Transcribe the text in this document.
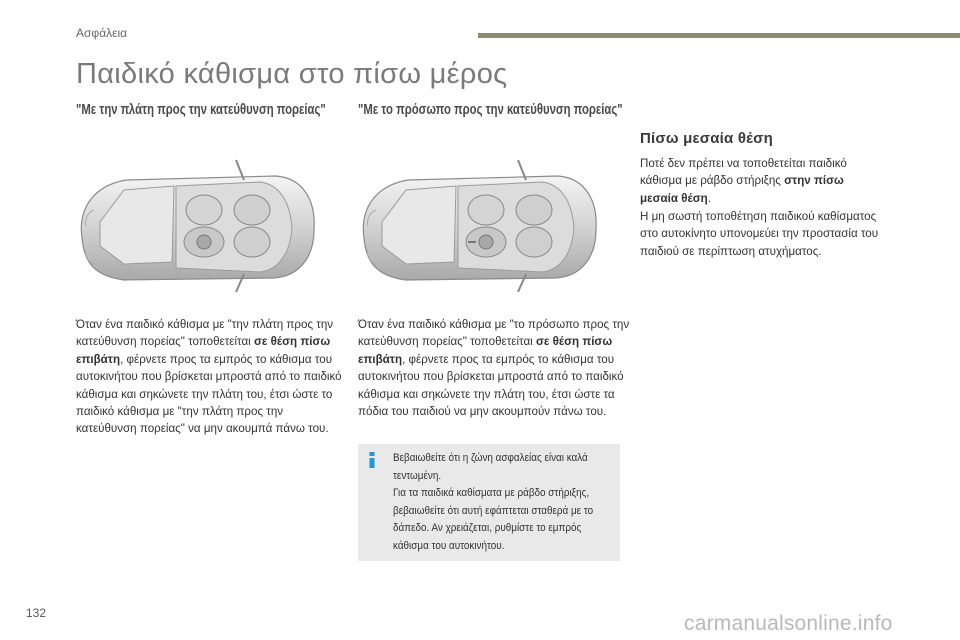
Ασφάλεια
Παιδικό κάθισμα στο πίσω μέρος
"Με την πλάτη προς την κατεύθυνση πορείας" "Με το πρόσωπο προς την κατεύθυνση πορείας"
Όταν ένα παιδικό κάθισμα με "την πλάτη προς την κατεύθυνση πορείας" τοποθετείται σε θέση πίσω επιβάτη, φέρνετε προς τα εμπρός το κάθισμα του αυτοκινήτου που βρίσκεται μπροστά από το παιδικό κάθισμα και σηκώνετε την πλάτη του, έτσι ώστε το παιδικό κάθισμα με "την πλάτη προς την κατεύθυνση πορείας" να μην ακουμπά πάνω του.
Όταν ένα παιδικό κάθισμα με "το πρόσωπο προς την κατεύθυνση πορείας" τοποθετείται σε θέση πίσω επιβάτη, φέρνετε προς τα εμπρός το κάθισμα του αυτοκινήτου που βρίσκεται μπροστά από το παιδικό κάθισμα και σηκώνετε την πλάτη του, έτσι ώστε τα πόδια του παιδιού να μην ακουμπούν πάνω του.
Βεβαιωθείτε ότι η ζώνη ασφαλείας είναι καλά τεντωμένη.
Για τα παιδικά καθίσματα με ράβδο στήριξης, βεβαιωθείτε ότι αυτή εφάπτεται σταθερά με το δάπεδο. Αν χρειάζεται, ρυθμίστε το εμπρός κάθισμα του αυτοκινήτου.
Πίσω μεσαία θέση
Ποτέ δεν πρέπει να τοποθετείται παιδικό κάθισμα με ράβδο στήριξης στην πίσω μεσαία θέση.
Η μη σωστή τοποθέτηση παιδικού καθίσματος στο αυτοκίνητο υπονομεύει την προστασία του παιδιού σε περίπτωση ατυχήματος.
132	carmanualsonline.info
